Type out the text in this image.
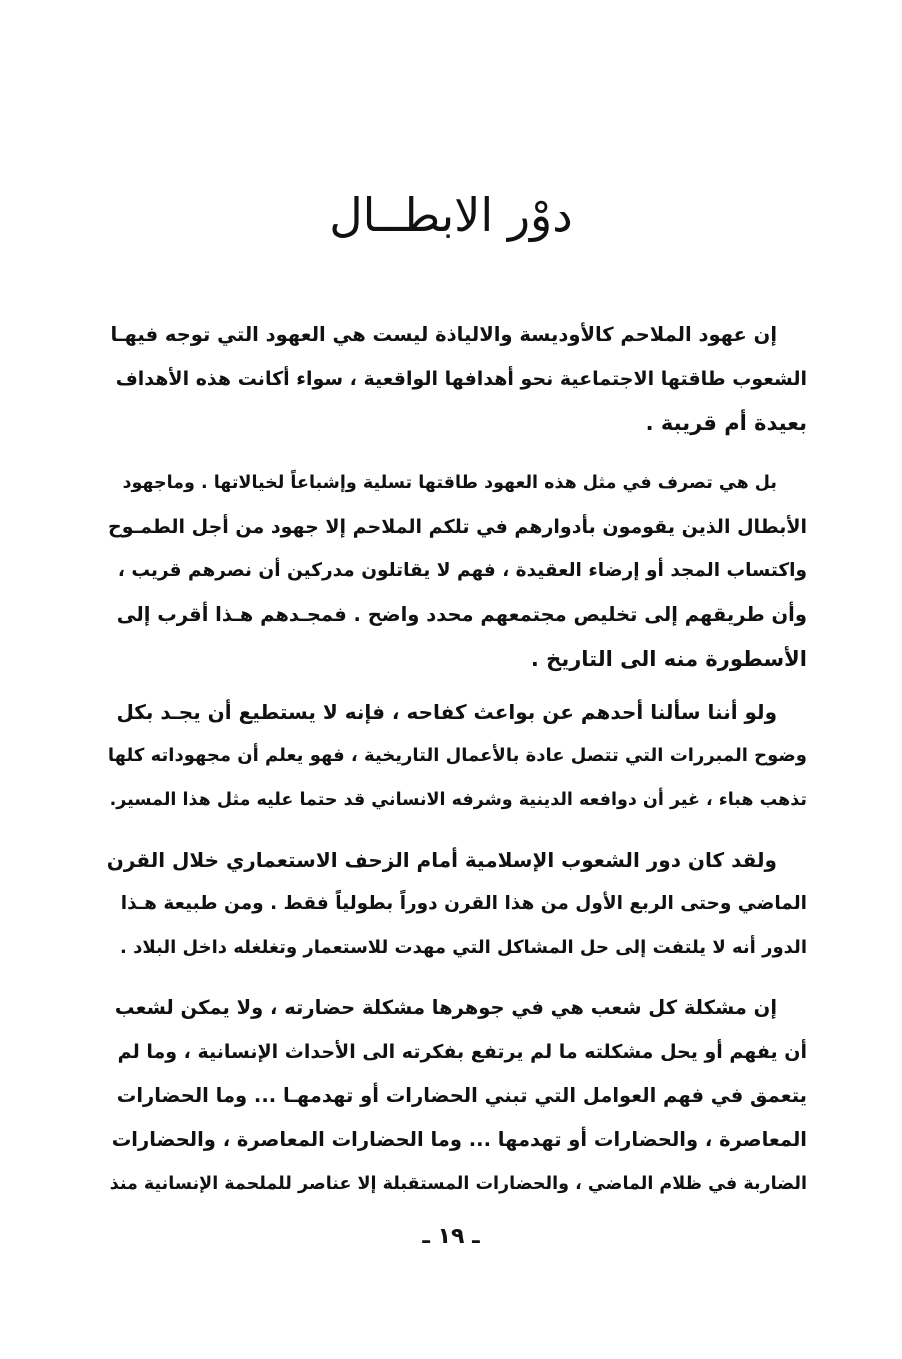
دوْر الابطــال
إن عهود الملاحم كالأوديسة والالياذة ليست هي العهود التي توجه فيهـا
الشعوب طاقتها الاجتماعية نحو أهدافها الواقعية ، سواء أكانت هذه الأهداف
بعيدة أم قريبة .
بل هي تصرف في مثل هذه العهود طاقتها تسلية وإشباعاً لخيالاتها . وماجهود
الأبطال الذين يقومون بأدوارهم في تلكم الملاحم إلا جهود من أجل الطمـوح
واكتساب المجد أو إرضاء العقيدة ، فهم لا يقاتلون مدركين أن نصرهم قريب ،
وأن طريقهم إلى تخليص مجتمعهم محدد واضح . فمجـدهم هـذا أقرب إلى
الأسطورة منه الى التاريخ .
ولو أننا سألنا أحدهم عن بواعث كفاحه ، فإنه لا يستطيع أن يجـد بكل
وضوح المبررات التي تتصل عادة بالأعمال التاريخية ، فهو يعلم أن مجهوداته كلها
تذهب هباء ، غير أن دوافعه الدينية وشرفه الانساني قد حتما عليه مثل هذا المسير.
ولقد كان دور الشعوب الإسلامية أمام الزحف الاستعماري خلال القرن
الماضي وحتى الربع الأول من هذا القرن دوراً بطولياً فقط . ومن طبيعة هـذا
الدور أنه لا يلتفت إلى حل المشاكل التي مهدت للاستعمار وتغلغله داخل البلاد .
إن مشكلة كل شعب هي في جوهرها مشكلة حضارته ، ولا يمكن لشعب
أن يفهم أو يحل مشكلته ما لم يرتفع بفكرته الى الأحداث الإنسانية ، وما لم
يتعمق في فهم العوامل التي تبني الحضارات أو تهدمهـا ... وما الحضارات
المعاصرة ، والحضارات أو تهدمها ... وما الحضارات المعاصرة ، والحضارات
الضاربة في ظلام الماضي ، والحضارات المستقبلة إلا عناصر للملحمة الإنسانية منذ
ـ ١٩ ـ
